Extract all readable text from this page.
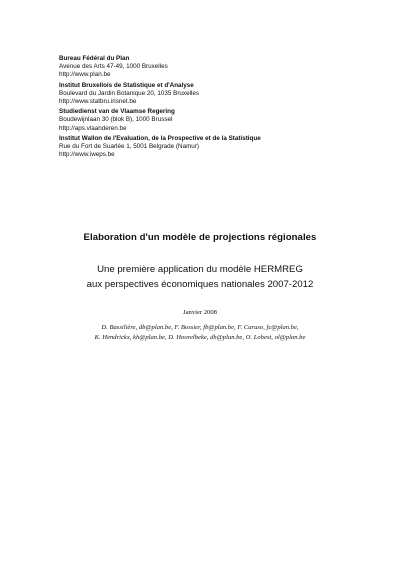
Bureau Fédéral du Plan
Avenue des Arts 47-49, 1000 Bruxelles
http://www.plan.be
Institut Bruxellois de Statistique et d'Analyse
Boulevard du Jardin Botanique 20, 1035 Bruxelles
http://www.statbru.irisnet.be
Studiedienst van de Vlaamse Regering
Boudewijnlaan 30 (blok B), 1000 Brussel
http://aps.vlaanderen.be
Institut Wallon de l'Evaluation, de la Prospective et de la Statistique
Rue du Fort de Suarlée 1, 5001 Belgrade (Namur)
http://www.iweps.be
Elaboration d'un modèle de projections régionales
Une première application du modèle HERMREG
aux perspectives économiques nationales 2007-2012
Janvier 2008
D. Bassilière, db@plan.be, F. Bossier, fb@plan.be, F. Caruso, fc@plan.be,
K. Hendrickx, kh@plan.be, D. Hoorelbeke, dh@plan.be, O. Lohest, ol@plan.be
